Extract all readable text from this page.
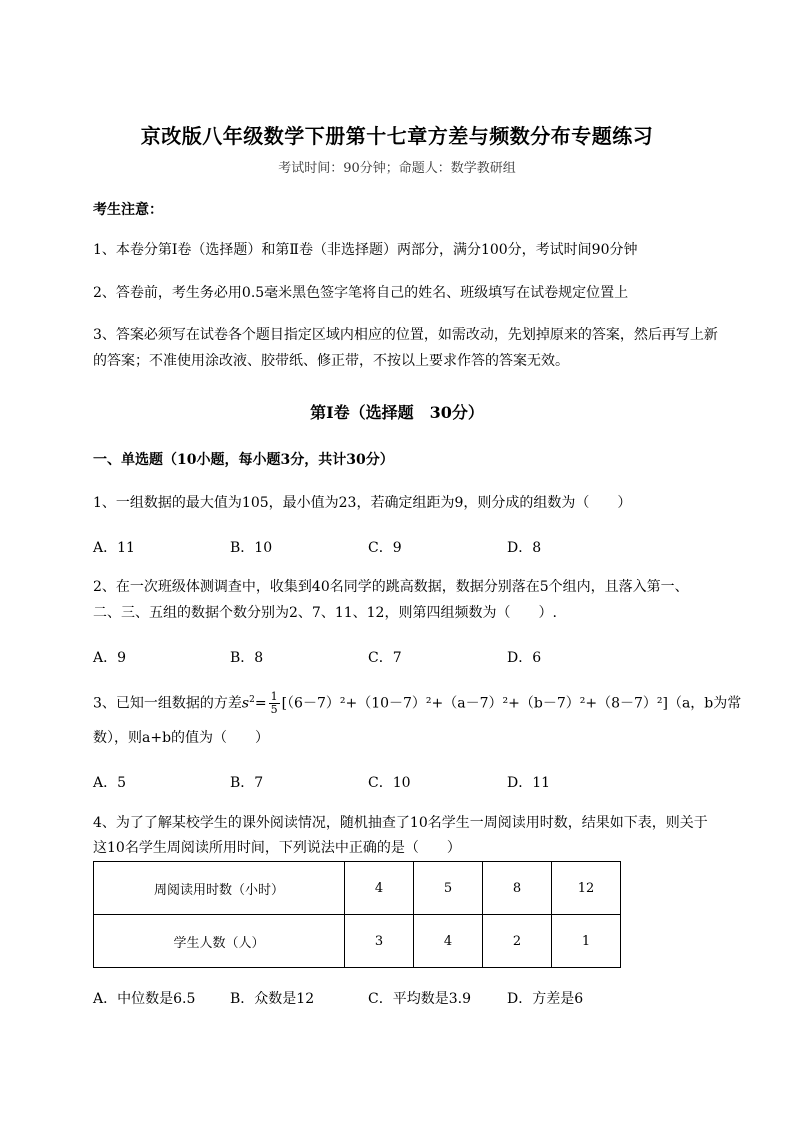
京改版八年级数学下册第十七章方差与频数分布专题练习
考试时间：90分钟；命题人：数学教研组
考生注意：
1、本卷分第I卷（选择题）和第Ⅱ卷（非选择题）两部分，满分100分，考试时间90分钟
2、答卷前，考生务必用0.5毫米黑色签字笔将自己的姓名、班级填写在试卷规定位置上
3、答案必须写在试卷各个题目指定区域内相应的位置，如需改动，先划掉原来的答案，然后再写上新
的答案；不准使用涂改液、胶带纸、修正带，不按以上要求作答的答案无效。
第I卷（选择题　30分）
一、单选题（10小题，每小题3分，共计30分）
1、一组数据的最大值为105，最小值为23，若确定组距为9，则分成的组数为（　　）
A．11	B．10	C．9	D．8
2、在一次班级体测调查中，收集到40名同学的跳高数据，数据分别落在5个组内，且落入第一、
二、三、五组的数据个数分别为2、7、11、12，则第四组频数为（　　）.
A．9	B．8	C．7	D．6
3、已知一组数据的方差$s^2= \frac{1}{5} [(6-7)^2+(10-7)^2+(a-7)^2+(b-7)^2+(8-7)^2](a$，b为常
数），则a+b的值为（　　）
A．5	B．7	C．10	D．11
4、为了了解某校学生的课外阅读情况，随机抽查了10名学生一周阅读用时数，结果如下表，则关于
这10名学生周阅读所用时间，下列说法中正确的是（　　）
周阅读用时数（小时）	4	5	8	12
学生人数（人）	3	4	2	1
A．中位数是6.5 B．众数是12	C．平均数是3.9	D．方差是6
